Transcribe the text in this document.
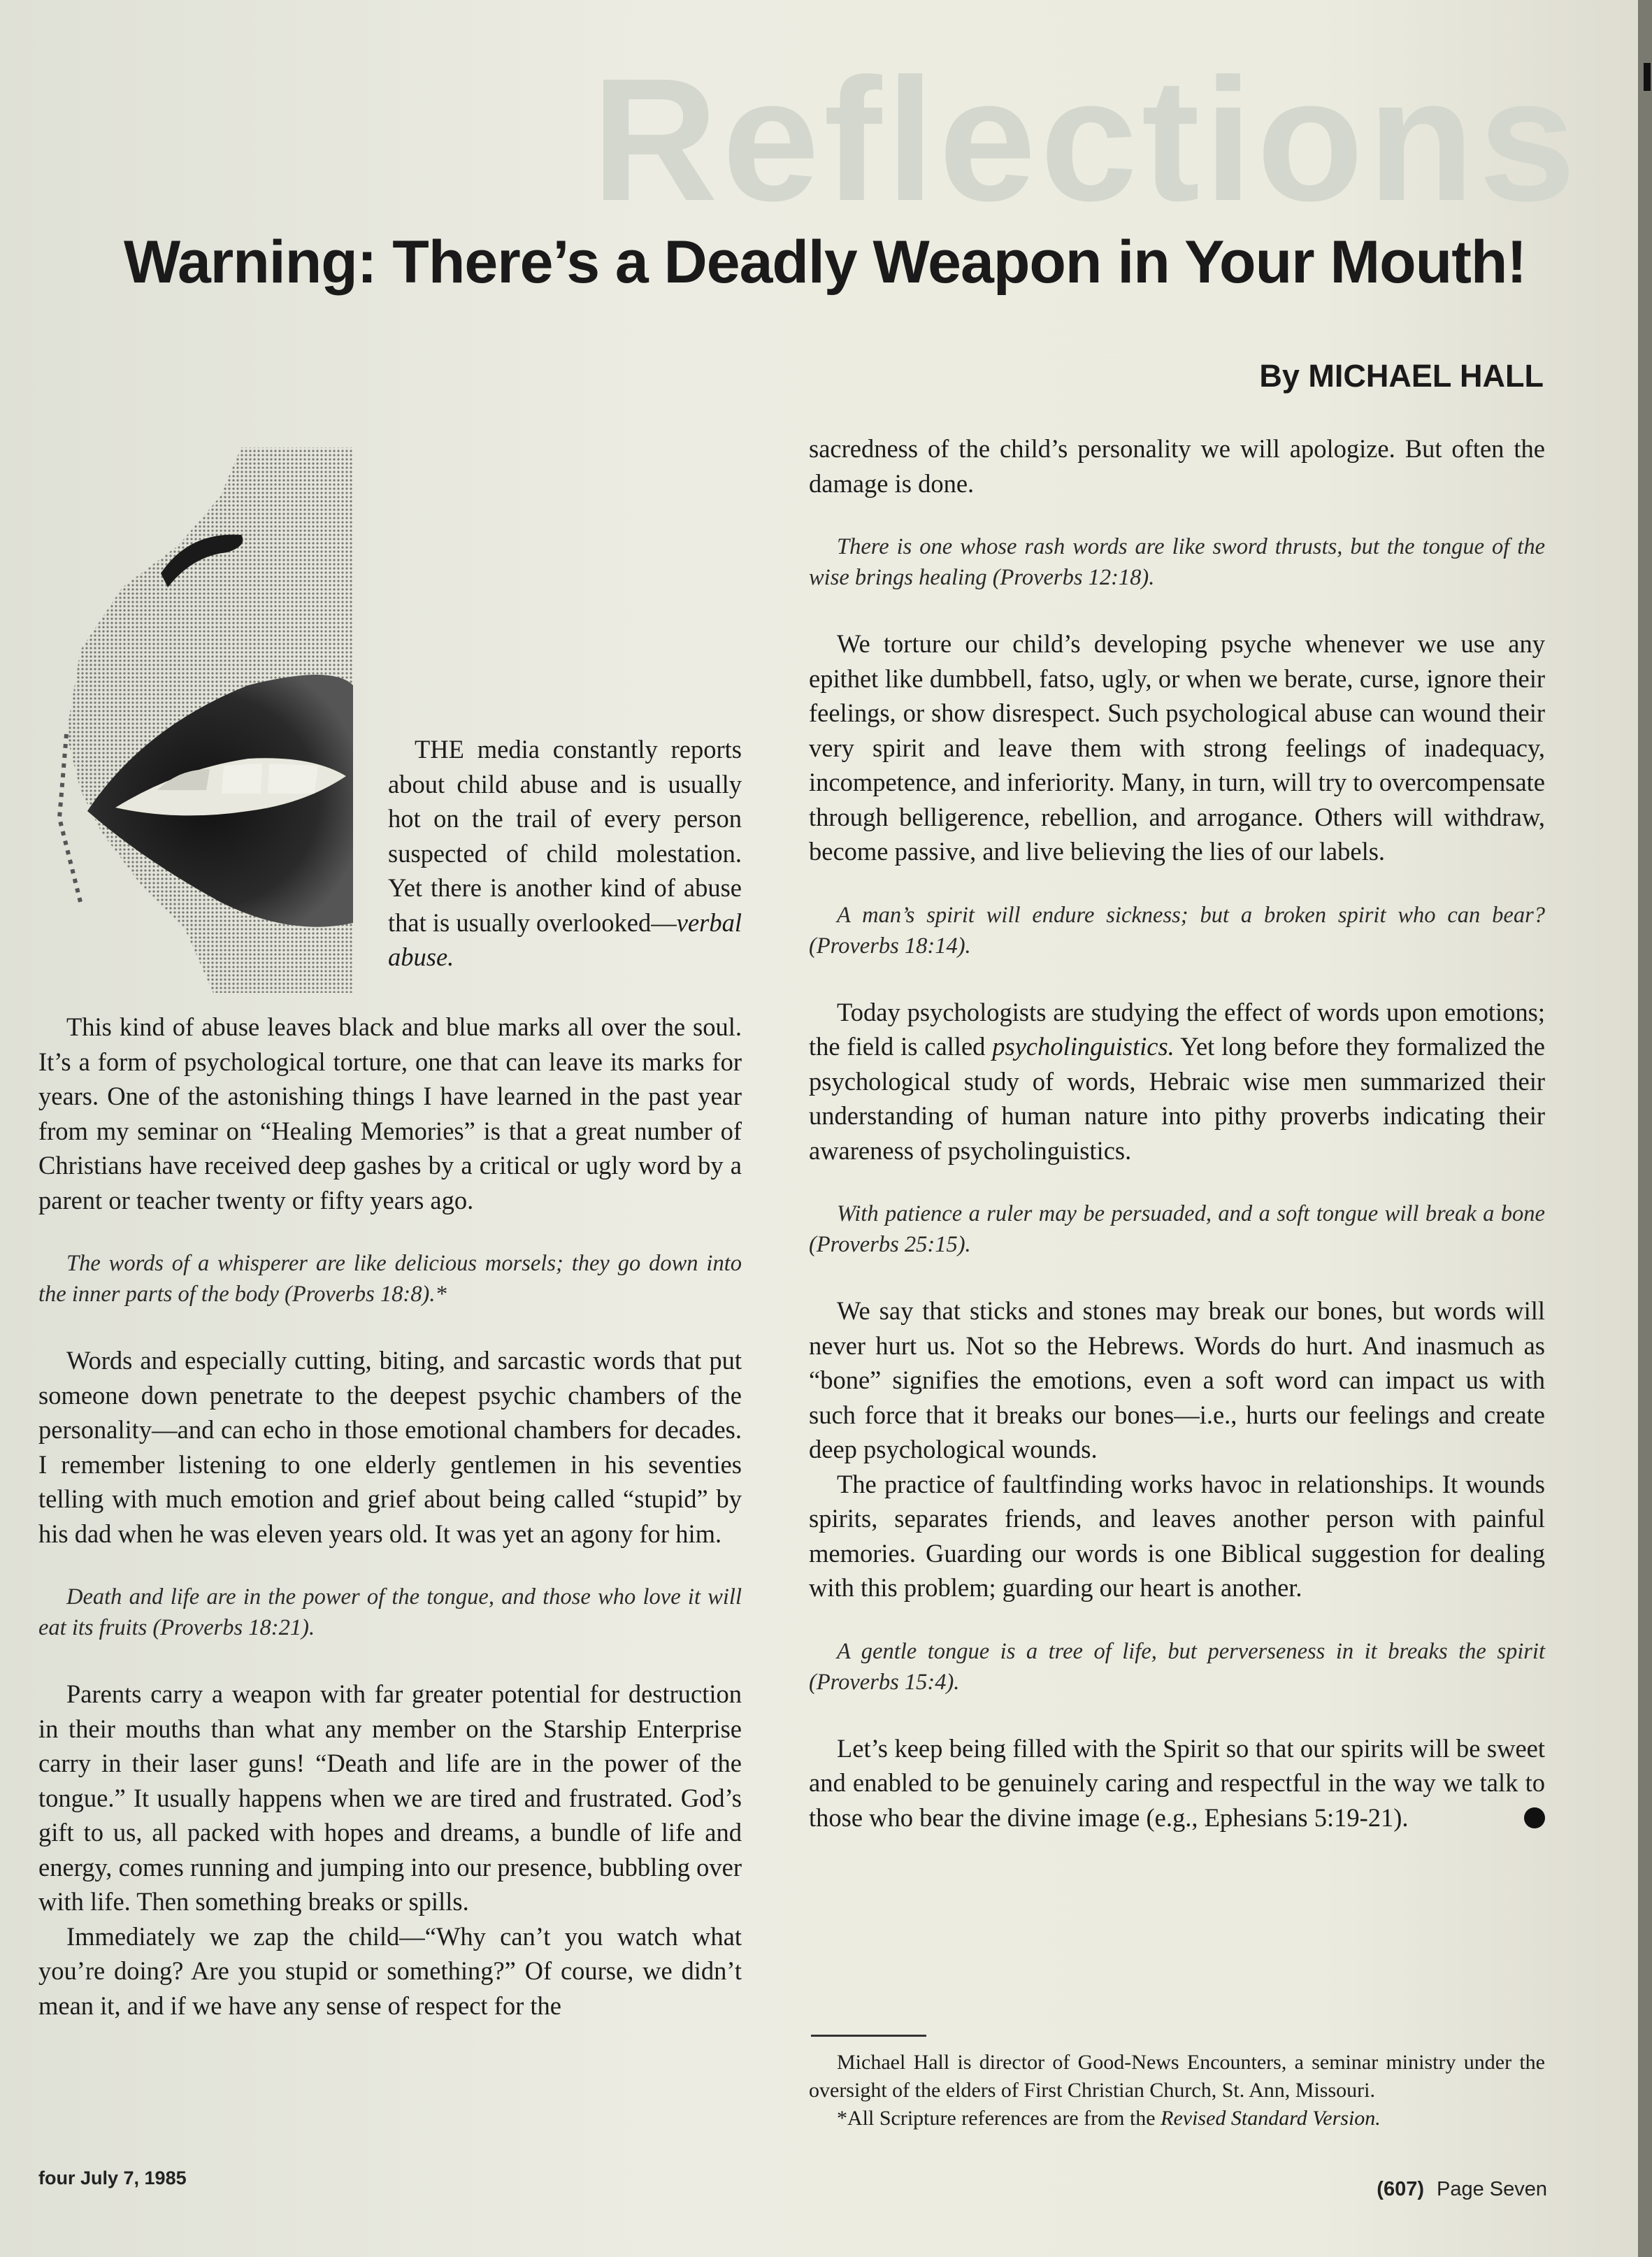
Reflections
Warning: There’s a Deadly Weapon in Your Mouth!
By MICHAEL HALL

THE media constantly reports about child abuse and is usually hot on the trail of every person suspected of child molestation. Yet there is another kind of abuse that is usually overlooked—verbal abuse.

This kind of abuse leaves black and blue marks all over the soul. It’s a form of psychological torture, one that can leave its marks for years. One of the astonishing things I have learned in the past year from my seminar on “Healing Memories” is that a great number of Christians have received deep gashes by a critical or ugly word by a parent or teacher twenty or fifty years ago.

The words of a whisperer are like delicious morsels; they go down into the inner parts of the body (Proverbs 18:8).*

Words and especially cutting, biting, and sarcastic words that put someone down penetrate to the deepest psychic chambers of the personality—and can echo in those emotional chambers for decades. I remember listening to one elderly gentlemen in his seventies telling with much emotion and grief about being called “stupid” by his dad when he was eleven years old. It was yet an agony for him.

Death and life are in the power of the tongue, and those who love it will eat its fruits (Proverbs 18:21).

Parents carry a weapon with far greater potential for destruction in their mouths than what any member on the Starship Enterprise carry in their laser guns! “Death and life are in the power of the tongue.” It usually happens when we are tired and frustrated. God’s gift to us, all packed with hopes and dreams, a bundle of life and energy, comes running and jumping into our presence, bubbling over with life. Then something breaks or spills.

Immediately we zap the child—“Why can’t you watch what you’re doing? Are you stupid or something?” Of course, we didn’t mean it, and if we have any sense of respect for the

sacredness of the child’s personality we will apologize. But often the damage is done.

There is one whose rash words are like sword thrusts, but the tongue of the wise brings healing (Proverbs 12:18).

We torture our child’s developing psyche whenever we use any epithet like dumbbell, fatso, ugly, or when we berate, curse, ignore their feelings, or show disrespect. Such psychological abuse can wound their very spirit and leave them with strong feelings of inadequacy, incompetence, and inferiority. Many, in turn, will try to overcompensate through belligerence, rebellion, and arrogance. Others will withdraw, become passive, and live believing the lies of our labels.

A man’s spirit will endure sickness; but a broken spirit who can bear? (Proverbs 18:14).

Today psychologists are studying the effect of words upon emotions; the field is called psycholinguistics. Yet long before they formalized the psychological study of words, Hebraic wise men summarized their understanding of human nature into pithy proverbs indicating their awareness of psycholinguistics.

With patience a ruler may be persuaded, and a soft tongue will break a bone (Proverbs 25:15).

We say that sticks and stones may break our bones, but words will never hurt us. Not so the Hebrews. Words do hurt. And inasmuch as “bone” signifies the emotions, even a soft word can impact us with such force that it breaks our bones—i.e., hurts our feelings and create deep psychological wounds.

The practice of faultfinding works havoc in relationships. It wounds spirits, separates friends, and leaves another person with painful memories. Guarding our words is one Biblical suggestion for dealing with this problem; guarding our heart is another.

A gentle tongue is a tree of life, but perverseness in it breaks the spirit (Proverbs 15:4).

Let’s keep being filled with the Spirit so that our spirits will be sweet and enabled to be genuinely caring and respectful in the way we talk to those who bear the divine image (e.g., Ephesians 5:19-21).

Michael Hall is director of Good-News Encounters, a seminar ministry under the oversight of the elders of First Christian Church, St. Ann, Missouri.

*All Scripture references are from the Revised Standard Version.

four July 7, 1985	(607) Page Seven
